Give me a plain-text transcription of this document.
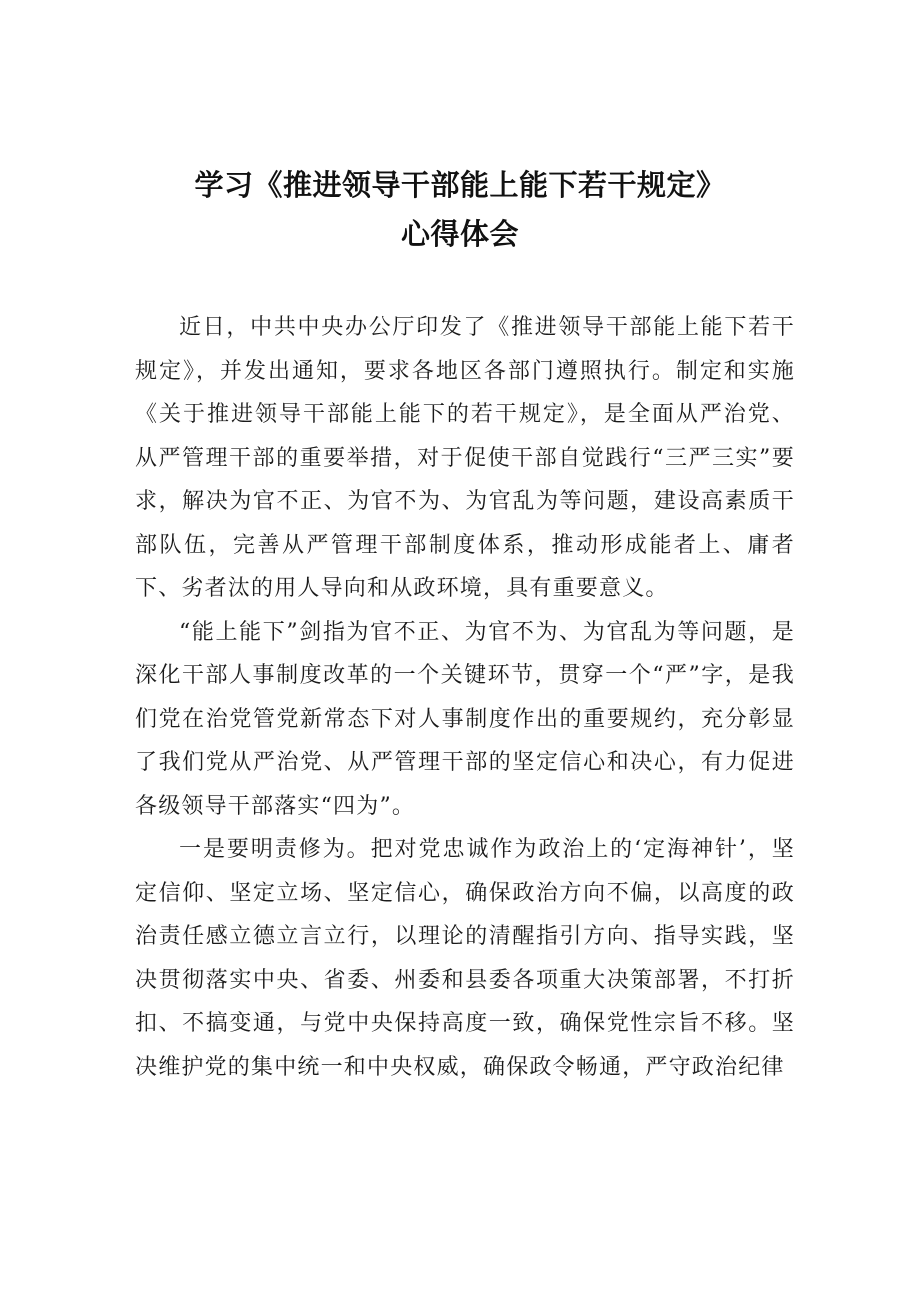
学习《推进领导干部能上能下若干规定》
心得体会

近日，中共中央办公厅印发了《推进领导干部能上能下若干规定》，并发出通知，要求各地区各部门遵照执行。制定和实施《关于推进领导干部能上能下的若干规定》，是全面从严治党、从严管理干部的重要举措，对于促使干部自觉践行“三严三实”要求，解决为官不正、为官不为、为官乱为等问题，建设高素质干部队伍，完善从严管理干部制度体系，推动形成能者上、庸者下、劣者汰的用人导向和从政环境，具有重要意义。

“能上能下”剑指为官不正、为官不为、为官乱为等问题，是深化干部人事制度改革的一个关键环节，贯穿一个“严”字，是我们党在治党管党新常态下对人事制度作出的重要规约，充分彰显了我们党从严治党、从严管理干部的坚定信心和决心，有力促进各级领导干部落实“四为”。

一是要明责修为。把对党忠诚作为政治上的‘定海神针’，坚定信仰、坚定立场、坚定信心，确保政治方向不偏，以高度的政治责任感立德立言立行，以理论的清醒指引方向、指导实践，坚决贯彻落实中央、省委、州委和县委各项重大决策部署，不打折扣、不搞变通，与党中央保持高度一致，确保党性宗旨不移。坚决维护党的集中统一和中央权威，确保政令畅通，严守政治纪律
